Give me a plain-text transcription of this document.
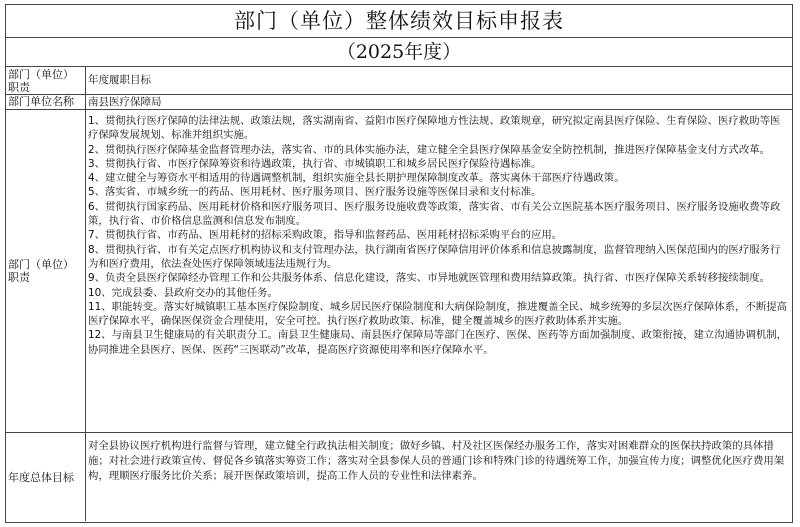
部门（单位）整体绩效目标申报表
（2025年度）
部门（单位）职责
年度履职目标
部门单位名称	南县医疗保障局
部门（单位）职责

1、贯彻执行医疗保障的法律法规、政策法规，落实湖南省、益阳市医疗保障地方性法规、政策规章，研究拟定南县医疗保险、生育保险、医疗救助等医疗保障发展规划、标准并组织实施。

2、贯彻执行医疗保障基金监督管理办法，落实省、市的具体实施办法，建立健全全县医疗保障基金安全防控机制，推进医疗保障基金支付方式改革。

3、贯彻执行省、市医疗保障筹资和待遇政策，执行省、市城镇职工和城乡居民医疗保险待遇标准。

4、建立健全与筹资水平相适用的待遇调整机制，组织实施全县长期护理保障制度改革。落实离休干部医疗待遇政策。

5、落实省、市城乡统一的药品、医用耗材、医疗服务项目、医疗服务设施等医保目录和支付标准。

6、贯彻执行国家药品、医用耗材价格和医疗服务项目、医疗服务设施收费等政策，落实省、市有关公立医院基本医疗服务项目、医疗服务设施收费等政策，执行省、市价格信息监测和信息发布制度。

7、贯彻执行省、市药品、医用耗材的招标采购政策，指导和监督药品、医用耗材招标采购平台的应用。

8、贯彻执行省、市有关定点医疗机构协议和支付管理办法，执行湖南省医疗保障信用评价体系和信息披露制度，监督管理纳入医保范围内的医疗服务行为和医疗费用，依法查处医疗保障领域违法违规行为。

9、负责全县医疗保障经办管理工作和公共服务体系、信息化建设，落实、市异地就医管理和费用结算政策。执行省、市医疗保障关系转移接续制度。

10、完成县委、县政府交办的其他任务。

11、职能转变。落实好城镇职工基本医疗保险制度、城乡居民医疗保险制度和大病保险制度，推进覆盖全民、城乡统筹的多层次医疗保障体系，不断提高医疗保障水平，确保医保资金合理使用，安全可控。执行医疗救助政策、标准，健全覆盖城乡的医疗救助体系并实施。

12、与南县卫生健康局的有关职责分工。南县卫生健康局、南县医疗保障局等部门在医疗、医保、医药等方面加强制度、政策衔接，建立沟通协调机制，协同推进全县医疗、医保、医药“三医联动”改革，提高医疗资源使用率和医疗保障水平。

年度总体目标
对全县协议医疗机构进行监督与管理，建立健全行政执法相关制度；做好乡镇、村及社区医保经办服务工作，落实对困难群众的医保扶持政策的具体措施；对社会进行政策宣传、督促各乡镇落实筹资工作；落实对全县参保人员的普通门诊和特殊门诊的待遇统筹工作，加强宣传力度；调整优化医疗费用架构，理顺医疗服务比价关系；展开医保政策培训，提高工作人员的专业性和法律素养。
